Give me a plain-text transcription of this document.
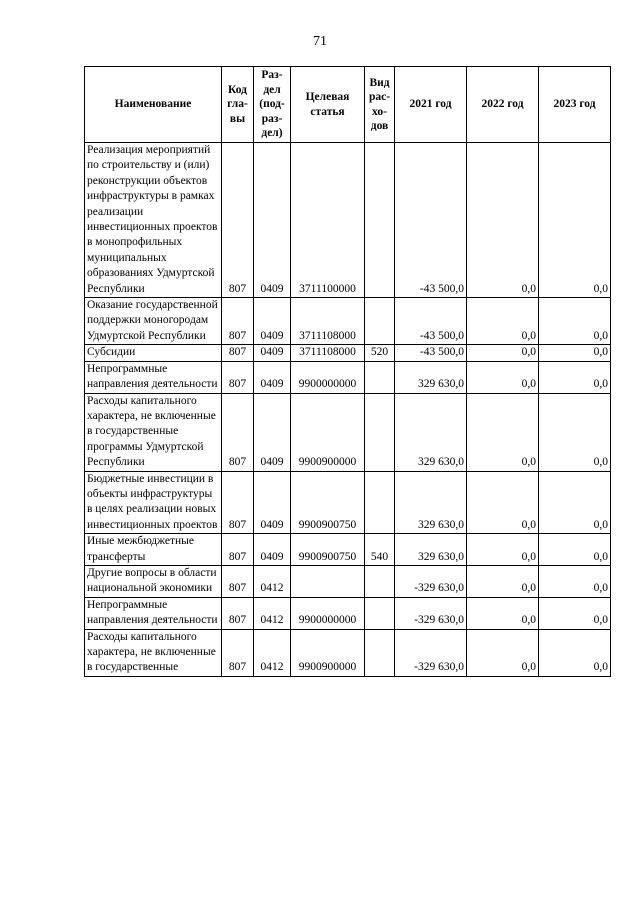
71
Наименование	Код гла-вы	Раз-дел (под-раз-дел)	Целевая статья	Вид рас-хо-дов	2021 год	2022 год	2023 год
Реализация мероприятий по строительству и (или) реконструкции объектов инфраструктуры в рамках реализации инвестиционных проектов в монопрофильных муниципальных образованиях Удмуртской Республики	807	0409	3711100000		-43 500,0	0,0	0,0
Оказание государственной поддержки моногородам Удмуртской Республики	807	0409	3711108000		-43 500,0	0,0	0,0
Субсидии	807	0409	3711108000	520	-43 500,0	0,0	0,0
Непрограммные направления деятельности	807	0409	9900000000		329 630,0	0,0	0,0
Расходы капитального характера, не включенные в государственные программы Удмуртской Республики	807	0409	9900900000		329 630,0	0,0	0,0
Бюджетные инвестиции в объекты инфраструктуры в целях реализации новых инвестиционных проектов	807	0409	9900900750		329 630,0	0,0	0,0
Иные межбюджетные трансферты	807	0409	9900900750	540	329 630,0	0,0	0,0
Другие вопросы в области национальной экономики	807	0412			-329 630,0	0,0	0,0
Непрограммные направления деятельности	807	0412	9900000000		-329 630,0	0,0	0,0
Расходы капитального характера, не включенные в государственные	807	0412	9900900000		-329 630,0	0,0	0,0
